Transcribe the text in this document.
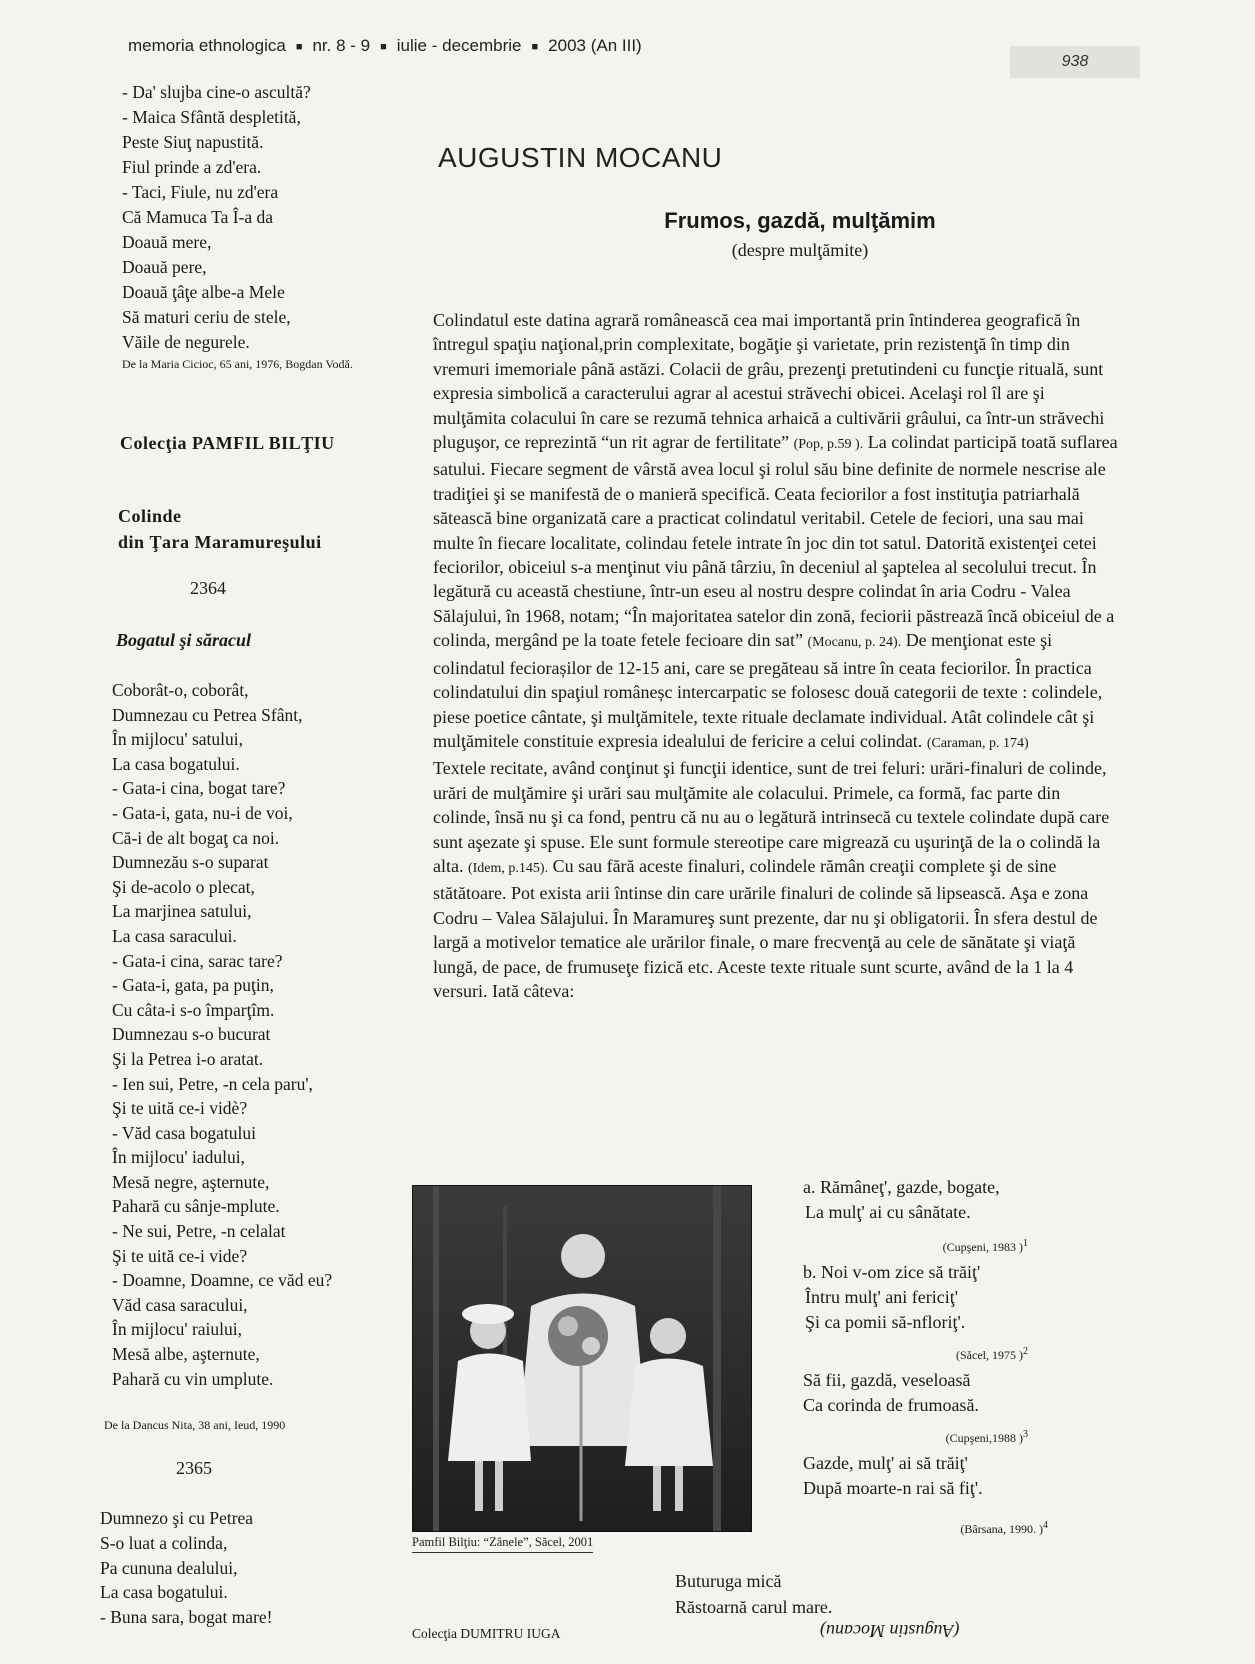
memoria ethnologica ■ nr. 8 - 9 ■ iulie - decembrie ■ 2003 (An III)
938
- Da' slujba cine-o ascultă?
- Maica Sfântă despletită,
Peste Siuţ napustită.
Fiul prinde a zd'era.
- Taci, Fiule, nu zd'era
Că Mamuca Ta Î-a da
Doauă mere,
Doauă pere,
Doauă ţâţe albe-a Mele
Să maturi ceriu de stele,
Văile de negurele.
De la Maria Cicioc, 65 ani, 1976, Bogdan Vodă.
Colecţia PAMFIL BILŢIU
Colinde
din Ţara Maramureşului
2364
Bogatul şi săracul
Coborât-o, coborât,
Dumnezau cu Petrea Sfânt,
În mijlocu' satului,
La casa bogatului.
- Gata-i cina, bogat tare?
- Gata-i, gata, nu-i de voi,
Că-i de alt bogaţ ca noi.
Dumnezău s-o suparat
Şi de-acolo o plecat,
La marjinea satului,
La casa saracului.
- Gata-i cina, sarac tare?
- Gata-i, gata, pa puţin,
Cu câta-i s-o împarţîm.
Dumnezau s-o bucurat
Şi la Petrea i-o aratat.
- Ien sui, Petre, -n cela paru',
Şi te uită ce-i vidè?
- Văd casa bogatului
În mijlocu' iadului,
Mesă negre, aşternute,
Pahară cu sânje-mplute.
- Ne sui, Petre, -n celalat
Şi te uită ce-i vide?
- Doamne, Doamne, ce văd eu?
Văd casa saracului,
În mijlocu' raiului,
Mesă albe, aşternute,
Pahară cu vin umplute.
De la Dancus Nita, 38 ani, Ieud, 1990
2365
Dumnezo şi cu Petrea
S-o luat a colinda,
Pa cununa dealului,
La casa bogatului.
- Buna sara, bogat mare!
AUGUSTIN MOCANU
Frumos, gazdă, mulţămim
(despre mulţămite)

Colindatul este datina agrară românească cea mai importantă prin întinderea geografică în întregul spaţiu naţional,prin complexitate, bogăţie şi varietate, prin rezistenţă în timp din vremuri imemoriale până astăzi. Colacii de grâu, prezenţi pretutindeni cu funcţie rituală, sunt expresia simbolică a caracterului agrar al acestui străvechi obicei. Acelaşi rol îl are şi mulţămita colacului în care se rezumă tehnica arhaică a cultivării grâului, ca într-un străvechi pluguşor, ce reprezintă “un rit agrar de fertilitate” (Pop, p.59 ). La colindat participă toată suflarea satului. Fiecare segment de vârstă avea locul şi rolul său bine definite de normele nescrise ale tradiţiei şi se manifestă de o manieră specifică. Ceata feciorilor a fost instituţia patriarhală sătească bine organizată care a practicat colindatul veritabil. Cetele de feciori, una sau mai multe în fiecare localitate, colindau fetele intrate în joc din tot satul. Datorită existenţei cetei feciorilor, obiceiul s-a menţinut viu până târziu, în deceniul al şaptelea al secolului trecut. În legătură cu această chestiune, într-un eseu al nostru despre colindat în aria Codru - Valea Sălajului, în 1968, notam; “În majoritatea satelor din zonă, feciorii păstrează încă obiceiul de a colinda, mergând pe la toate fetele fecioare din sat” (Mocanu, p. 24). De menţionat este şi colindatul feciorașilor de 12-15 ani, care se pregăteau să intre în ceata feciorilor. În practica colindatului din spaţiul româneșc intercarpatic se folosesc două categorii de texte : colindele, piese poetice cântate, şi mulţămitele, texte rituale declamate individual. Atât colindele cât şi mulţămitele constituie expresia idealului de fericire a celui colindat. (Caraman, p. 174)

Textele recitate, având conţinut şi funcţii identice, sunt de trei feluri: urări-finaluri de colinde, urări de mulţămire şi urări sau mulţămite ale colacului. Primele, ca formă, fac parte din colinde, însă nu şi ca fond, pentru că nu au o legătură intrinsecă cu textele colindate după care sunt aşezate şi spuse. Ele sunt formule stereotipe care migrează cu uşurinţă de la o colindă la alta. (Idem, p.145). Cu sau fără aceste finaluri, colindele rămân creaţii complete şi de sine stătătoare. Pot exista arii întinse din care urările finaluri de colinde să lipsească. Aşa e zona Codru – Valea Sălajului. În Maramureş sunt prezente, dar nu şi obligatorii. În sfera destul de largă a motivelor tematice ale urărilor finale, o mare frecvenţă au cele de sănătate şi viaţă lungă, de pace, de frumuseţe fizică etc. Aceste texte rituale sunt scurte, având de la 1 la 4 versuri. Iată câteva:

Pamfil Bilţiu: “Zânele”, Săcel, 2001
a. Rămâneţ', gazde, bogate,
La mulţ' ai cu sânătate.
(Cupşeni, 1983 )$^1$
b. Noi v-om zice să trăiţ'
Întru mulţ' ani fericiţ'
Şi ca pomii să-nfloriţ'.
(Săcel, 1975 )$^2$
Să fii, gazdă, veseloasă
Ca corinda de frumoasă.
(Cupşeni,1988 )$^3$
Gazde, mulţ' ai să trăiţ'
După moarte-n rai să fiţ'.
(Bârsana, 1990. )$^4$
Buturuga mică
Răstoarnă carul mare.
Colecţia DUMITRU IUGA	(Augustin Mocanu)
